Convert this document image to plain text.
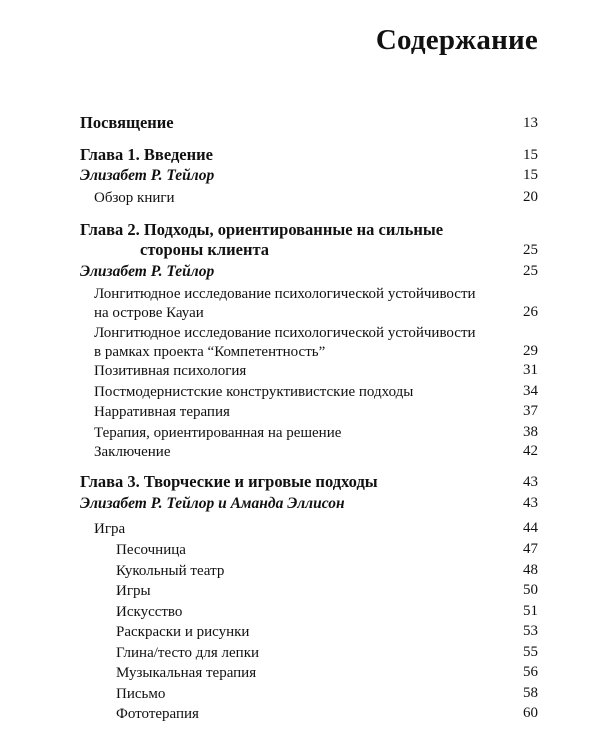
Содержание
Посвящение	13
Глава 1. Введение	15
Элизабет Р. Тейлор	15
Обзор книги	20
Глава 2. Подходы, ориентированные на сильные
стороны клиента	25
Элизабет Р. Тейлор	25
Лонгитюдное исследование психологической устойчивости
на острове Кауаи	26
Лонгитюдное исследование психологической устойчивости
в рамках проекта “Компетентность”	29
Позитивная психология	31
Постмодернистские конструктивистские подходы	34
Нарративная терапия	37
Терапия, ориентированная на решение	38
Заключение	42
Глава 3. Творческие и игровые подходы	43
Элизабет Р. Тейлор и Аманда Эллисон	43
Игра	44
Песочница	47
Кукольный театр	48
Игры	50
Искусство	51
Раскраски и рисунки	53
Глина/тесто для лепки	55
Музыкальная терапия	56
Письмо	58
Фототерапия	60
